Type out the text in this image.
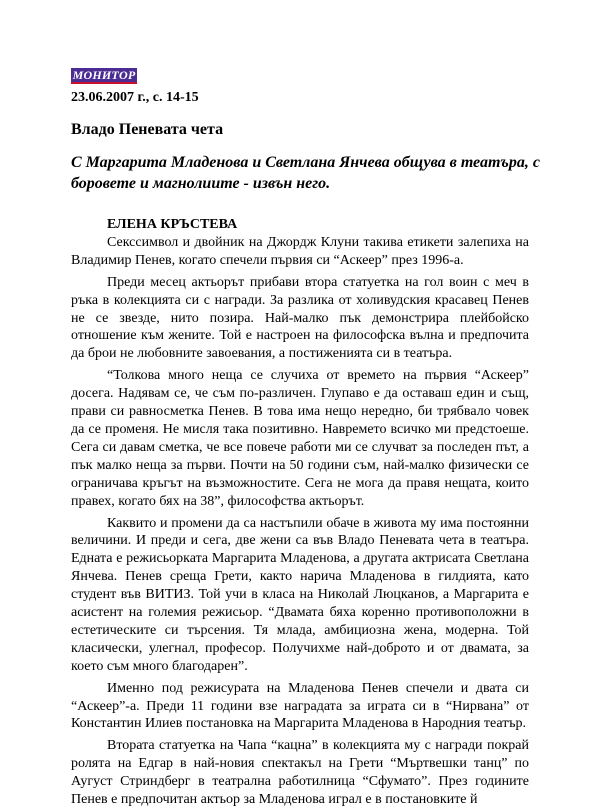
МОНИТОР
23.06.2007 г., с. 14-15
Владо Пеневата чета
С Маргарита Младенова и Светлана Янчева общува в театъра, с боровете и магнолиите - извън него.
ЕЛЕНА КРЪСТЕВА

Секссимвол и двойник на Джордж Клуни такива етикети залепиха на Владимир Пенев, когато спечели първия си “Аскеер” през 1996-а.

Преди месец актьорът прибави втора статуетка на гол воин с меч в ръка в колекцията си с награди. За разлика от холивудския красавец Пенев не се звезде, нито позира. Най-малко пък демонстрира плейбойско отношение към жените. Той е настроен на философска вълна и предпочита да брои не любовните завоевания, а постиженията си в театъра.

“Толкова много неща се случиха от времето на първия “Аскеер” досега. Надявам се, че съм по-различен. Глупаво е да оставаш един и същ, прави си равносметка Пенев. В това има нещо нередно, би трябвало човек да се променя. Не мисля така позитивно. Навремето всичко ми предстоеше. Сега си давам сметка, че все повече работи ми се случват за последен път, а пък малко неща за първи. Почти на 50 години съм, най-малко физически се ограничава кръгът на възможностите. Сега не мога да правя нещата, които правех, когато бях на 38”, философства актьорът.

Каквито и промени да са настъпили обаче в живота му има постоянни величини. И преди и сега, две жени са във Владо Пеневата чета в театъра. Едната е режисьорката Маргарита Младенова, а другата актрисата Светлана Янчева. Пенев среща Грети, както нарича Младенова в гилдията, като студент във ВИТИЗ. Той учи в класа на Николай Люцканов, а Маргарита е асистент на големия режисьор. “Двамата бяха коренно противоположни в естетическите си търсения. Тя млада, амбициозна жена, модерна. Той класически, улегнал, професор. Получихме най-доброто и от двамата, за което съм много благодарен”.

Именно под режисурата на Младенова Пенев спечели и двата си “Аскеер”-а. Преди 11 години взе наградата за играта си в “Нирвана” от Константин Илиев постановка на Маргарита Младенова в Народния театър.

Втората статуетка на Чапа “кацна” в колекцията му с награди покрай ролята на Едгар в най-новия спектакъл на Грети “Мъртвешки танц” по Аугуст Стриндберг в театрална работилница “Сфумато”. През годините Пенев е предпочитан актьор за Младенова играл е в постановките й
